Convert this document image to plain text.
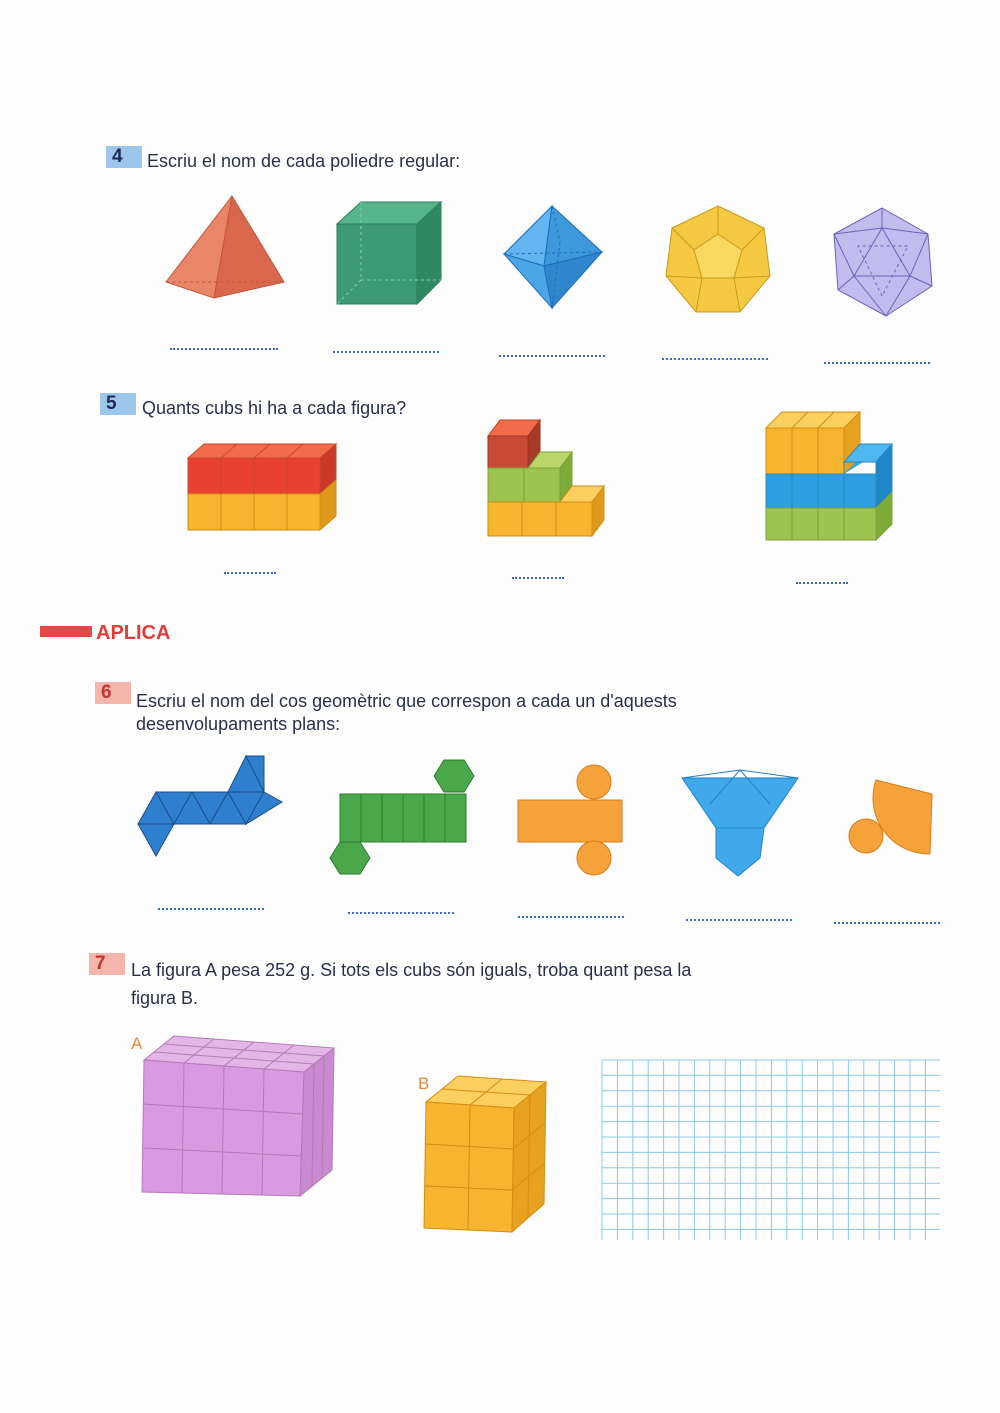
4	Escriu el nom de cada poliedre regular:
5	Quants cubs hi ha a cada figura?
APLICA
6	Escriu el nom del cos geomètric que correspon a cada un d'aquests
desenvolupaments plans:
7	La figura A pesa 252 g. Si tots els cubs són iguals, troba quant pesa la
figura B.
A
B
